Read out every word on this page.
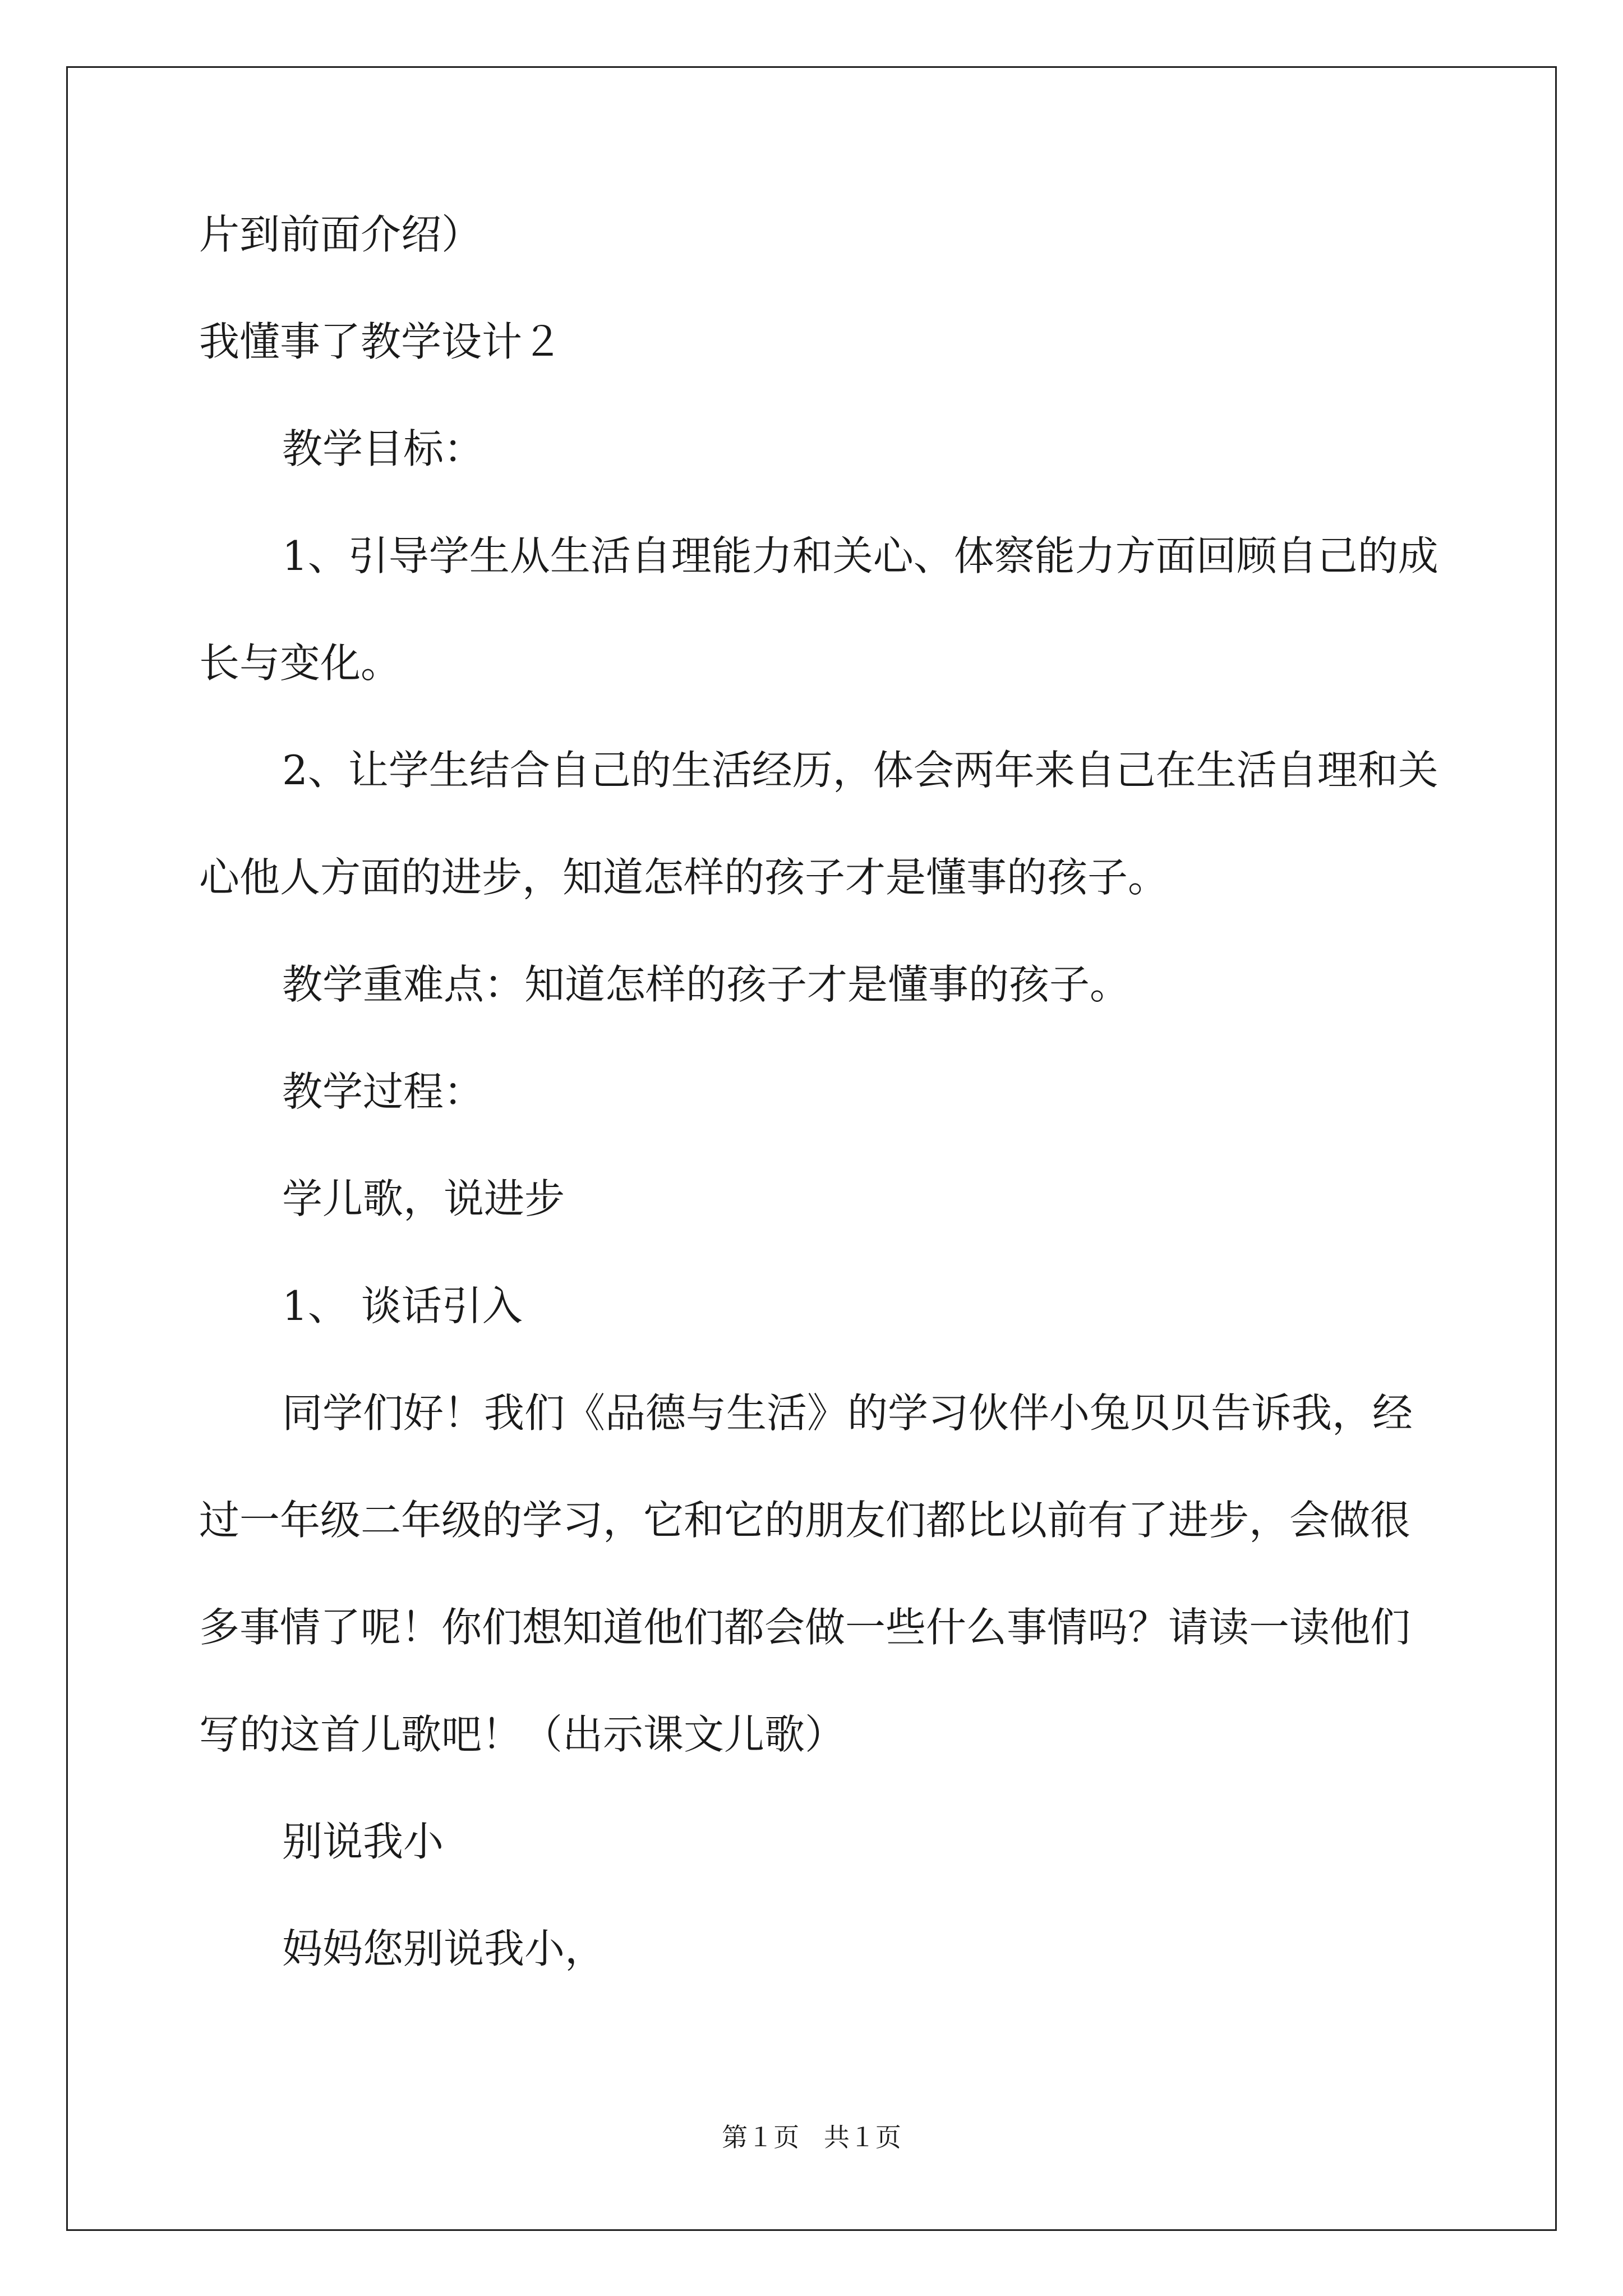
片到前面介绍）
我懂事了教学设计２
教学目标：
1、引导学生从生活自理能力和关心、体察能力方面回顾自己的成
长与变化。
2、让学生结合自己的生活经历，体会两年来自己在生活自理和关
心他人方面的进步，知道怎样的孩子才是懂事的孩子。
教学重难点：知道怎样的孩子才是懂事的孩子。
教学过程：
学儿歌，说进步
1、 谈话引入
同学们好！我们《品德与生活》的学习伙伴小兔贝贝告诉我，经
过一年级二年级的学习，它和它的朋友们都比以前有了进步，会做很
多事情了呢！你们想知道他们都会做一些什么事情吗？请读一读他们
写的这首儿歌吧！（出示课文儿歌）
别说我小
妈妈您别说我小，
第１页   共１页
